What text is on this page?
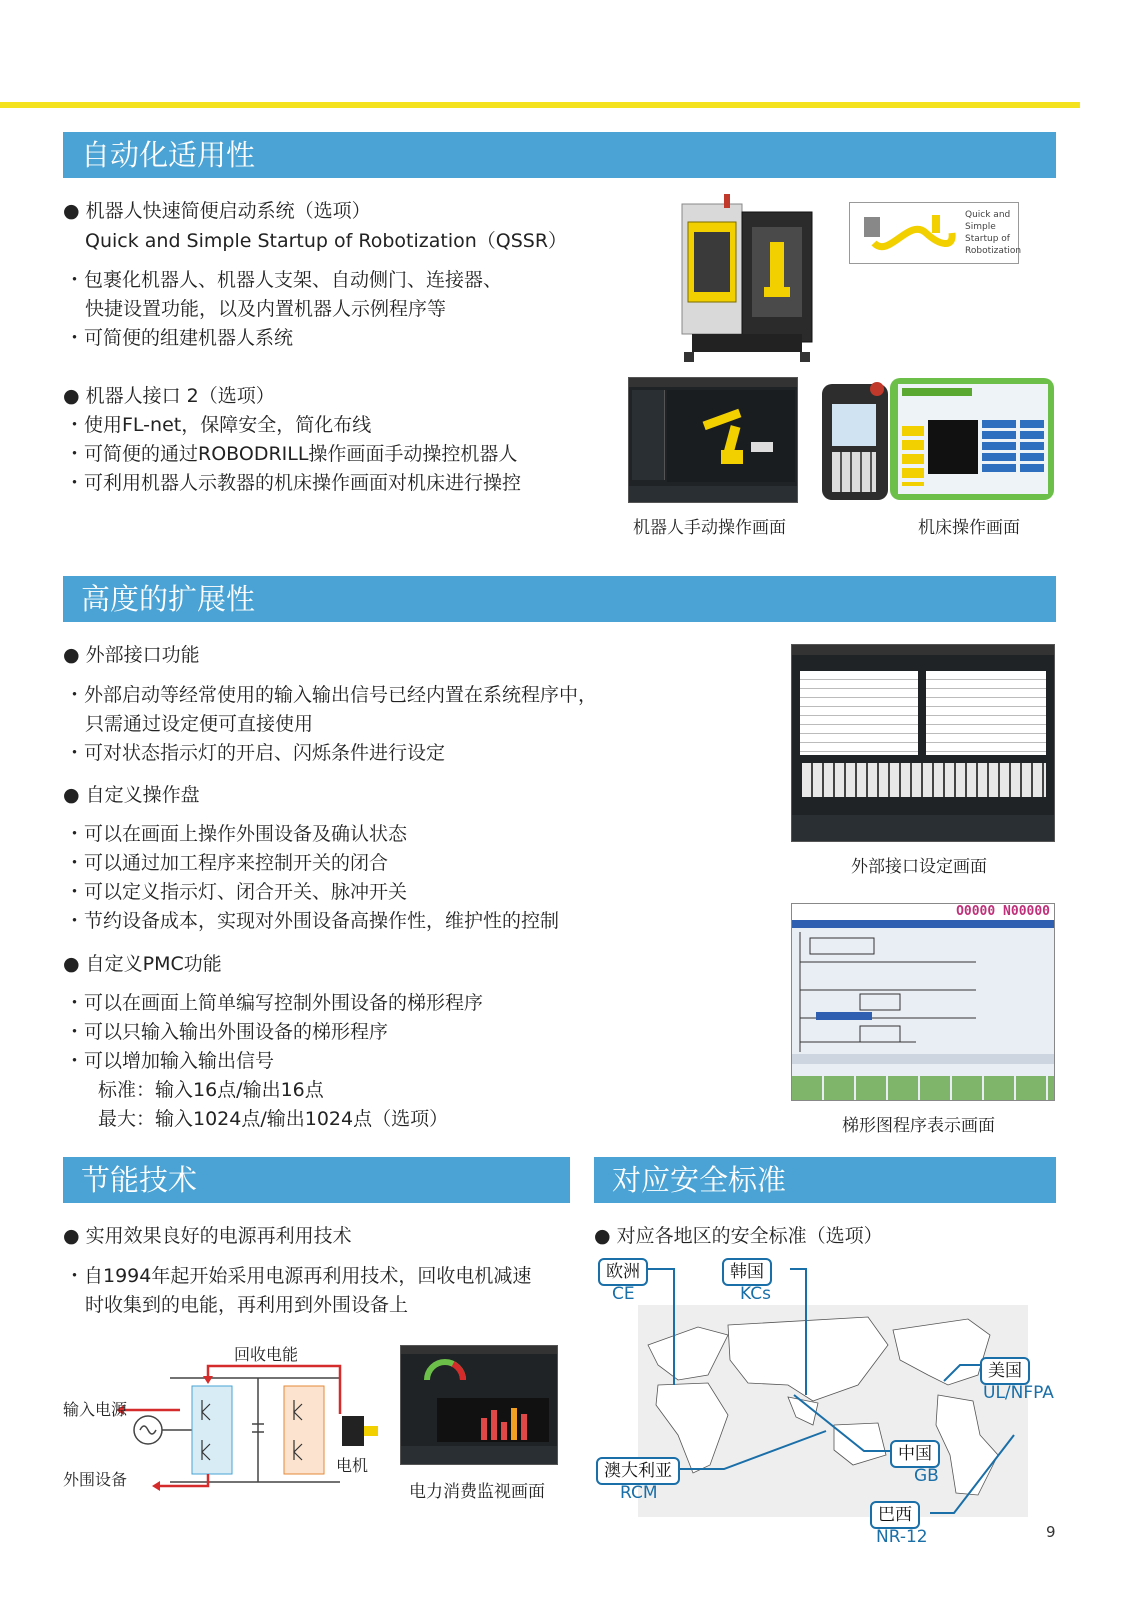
自动化适用性
● 机器人快速简便启动系统（选项）
Quick and Simple Startup of Robotization（QSSR）
・包裹化机器人、机器人支架、自动侧门、连接器、
快捷设置功能，以及内置机器人示例程序等
・可简便的组建机器人系统
● 机器人接口 2（选项）
・使用FL-net，保障安全，简化布线
・可简便的通过ROBODRILL操作画面手动操控机器人
・可利用机器人示教器的机床操作画面对机床进行操控
Quick and
Simple
Startup of
Robotization
机器人手动操作画面	机床操作画面
高度的扩展性
● 外部接口功能
・外部启动等经常使用的输入输出信号已经内置在系统程序中，
只需通过设定便可直接使用
・可对状态指示灯的开启、闪烁条件进行设定
● 自定义操作盘
・可以在画面上操作外围设备及确认状态
・可以通过加工程序来控制开关的闭合
・可以定义指示灯、闭合开关、脉冲开关
・节约设备成本，实现对外围设备高操作性，维护性的控制
● 自定义PMC功能
・可以在画面上简单编写控制外围设备的梯形程序
・可以只输入输出外围设备的梯形程序
・可以增加输入输出信号
标准：输入16点/输出16点
最大：输入1024点/输出1024点（选项）
外部接口设定画面
O0000 N00000
梯形图程序表示画面
节能技术
● 实用效果良好的电源再利用技术
・自1994年起开始采用电源再利用技术，回收电机减速
时收集到的电能，再利用到外围设备上
回收电能
输入电源
外围设备
电机
电力消费监视画面
对应安全标准
● 对应各地区的安全标准（选项）
欧洲
CE
韩国
KCs
美国
UL/NFPA
中国
GB
澳大利亚
RCM
巴西
NR-12	9
